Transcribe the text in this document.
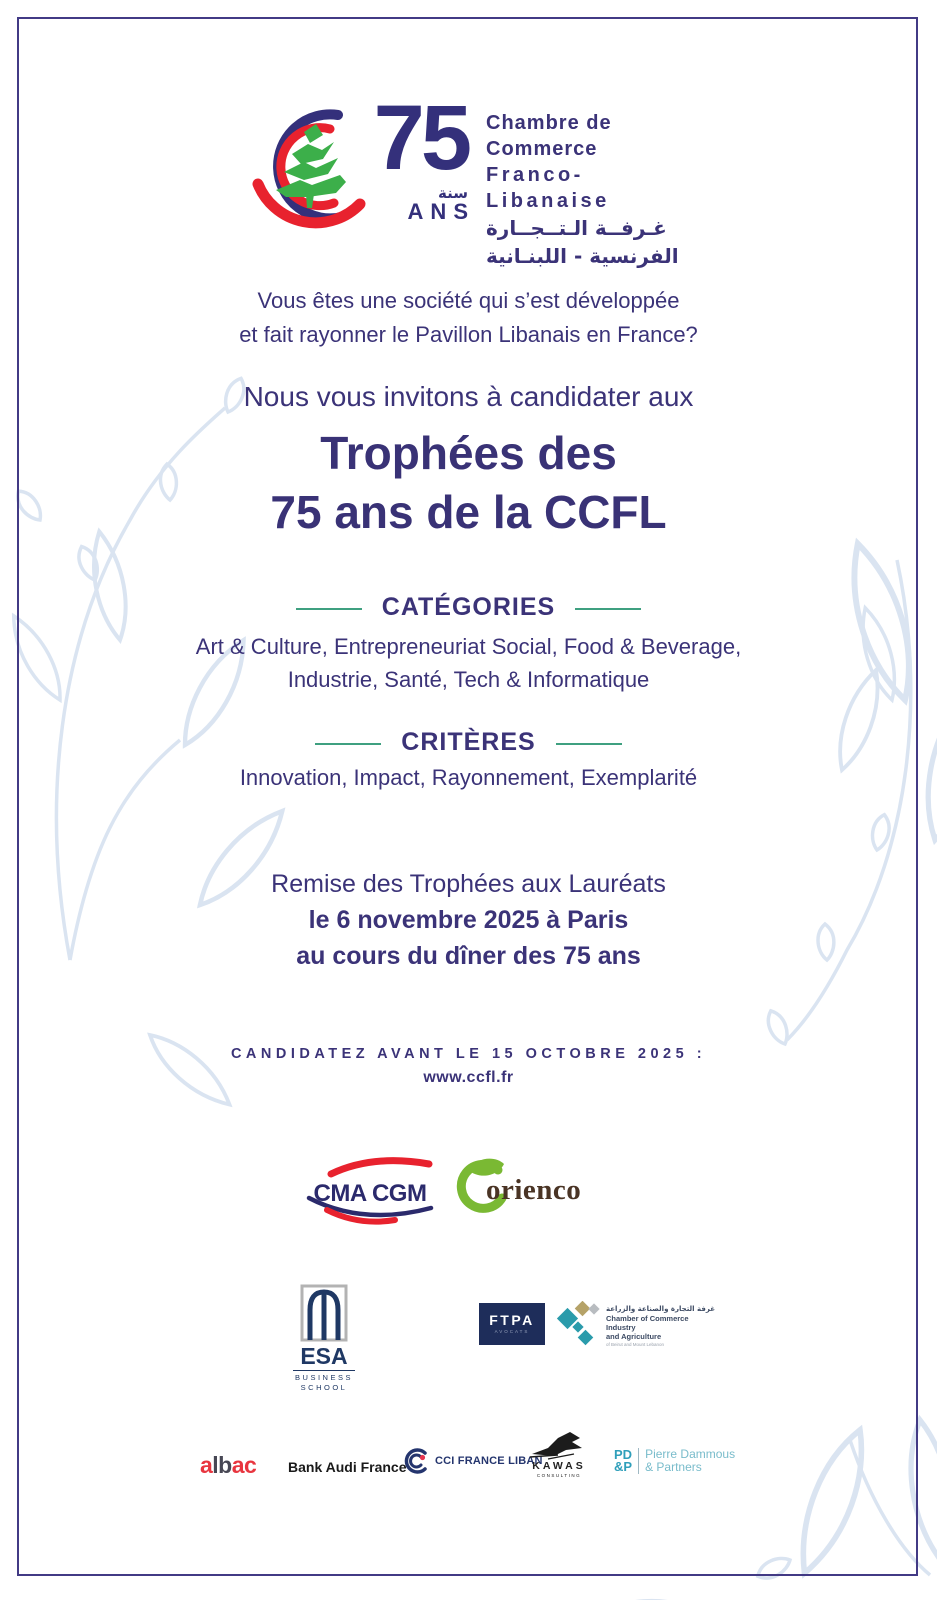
75
سنة
ANS
Chambre de Commerce
Franco-Libanaise
غـرفــة الـتــجــارة
الفرنسية - اللبنـانية
Vous êtes une société qui s’est développée
et fait rayonner le Pavillon Libanais en France?
Nous vous invitons à candidater aux
Trophées des
75 ans de la CCFL
CATÉGORIES
Art & Culture, Entrepreneuriat Social, Food & Beverage,
Industrie, Santé, Tech & Informatique
CRITÈRES
Innovation, Impact, Rayonnement, Exemplarité
Remise des Trophées aux Lauréats
le 6 novembre 2025 à Paris
au cours du dîner des 75 ans
CANDIDATEZ AVANT LE 15 OCTOBRE 2025 :
www.ccfl.fr
CMA CGM orienco
ESA
BUSINESS
SCHOOL
FTPA
AVOCATS
غرفة التجارة والصناعة والزراعة
Chamber of Commerce Industry
and Agriculture
of Beirut and Mount Lebanon
albac Bank Audi France	CCI FRANCE LIBAN
KAWAS
CONSULTING
PD
&P
Pierre Dammous
& Partners
